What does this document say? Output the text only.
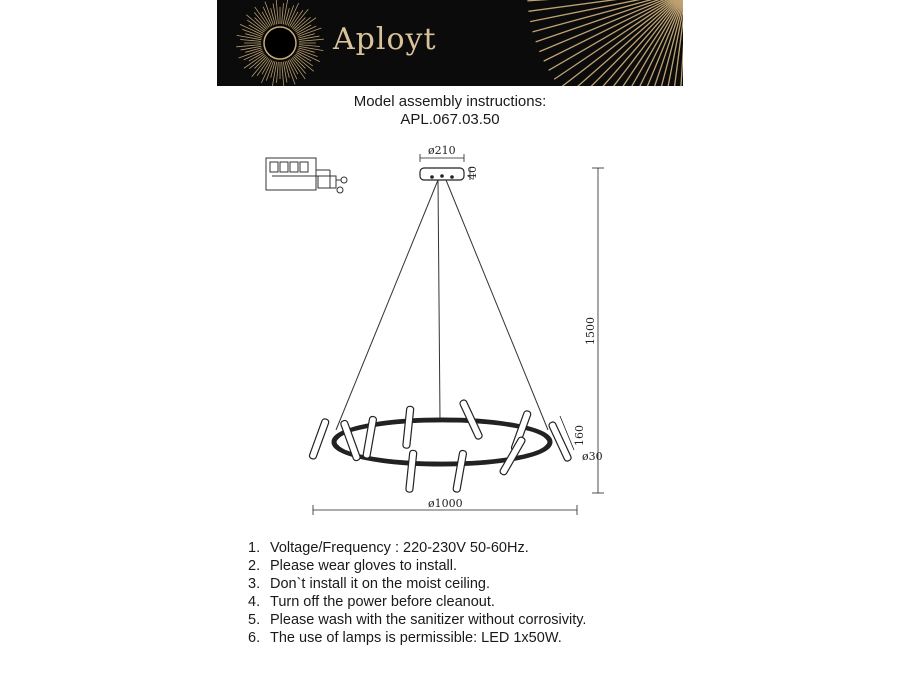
Aployt
Model assembly instructions:
APL.067.03.50
ø210
40
1500
160
ø30
ø1000
1. Voltage/Frequency : 220-230V 50-60Hz.
2. Please wear gloves to install.
3. Don`t install it on the moist ceiling.
4. Turn off the power before cleanout.
5. Please wash with the sanitizer without corrosivity.
6. The use of lamps is permissible: LED 1x50W.
